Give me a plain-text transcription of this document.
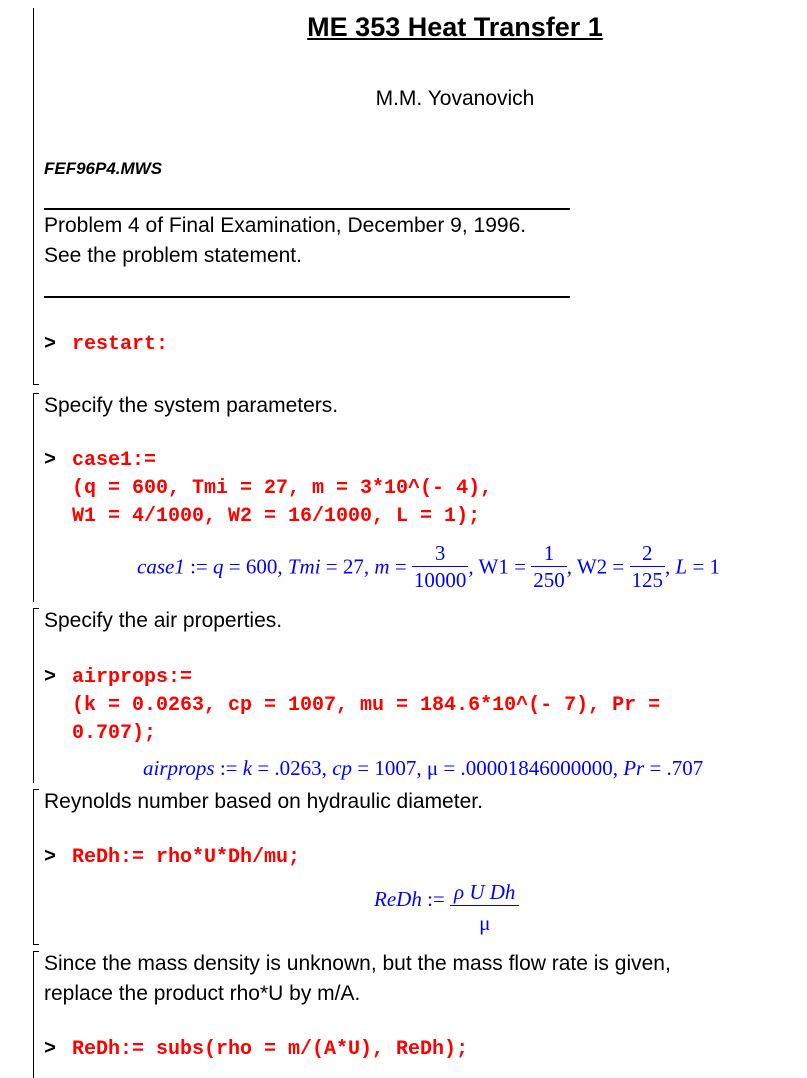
ME 353 Heat Transfer 1
M.M. Yovanovich
FEF96P4.MWS
Problem 4 of Final Examination, December 9, 1996.
See the problem statement.
> restart:
Specify the system parameters.
> case1:=
(q = 600, Tmi = 27, m = 3*10^(- 4),
W1 = 4/1000, W2 = 16/1000, L = 1);
case1 := q = 600, Tmi = 27, $m = \frac{3}{10000}$ , $W1 = \frac{1}{250}$ , $W2 = \frac{2}{125}$ , L = 1
Specify the air properties.
> airprops:=
(k = 0.0263, cp = 1007, mu = 184.6*10^(- 7), Pr =
0.707);
airprops := k = .0263, cp = 1007, μ = .00001846000000, Pr = .707
Reynolds number based on hydraulic diameter.
> ReDh:= rho*U*Dh/mu;
ReDh := $\frac{\text{ρ U Dh}}{\mu}$
Since the mass density is unknown, but the mass flow rate is given,
replace the product rho*U by m/A.
> ReDh:= subs(rho = m/(A*U), ReDh);
